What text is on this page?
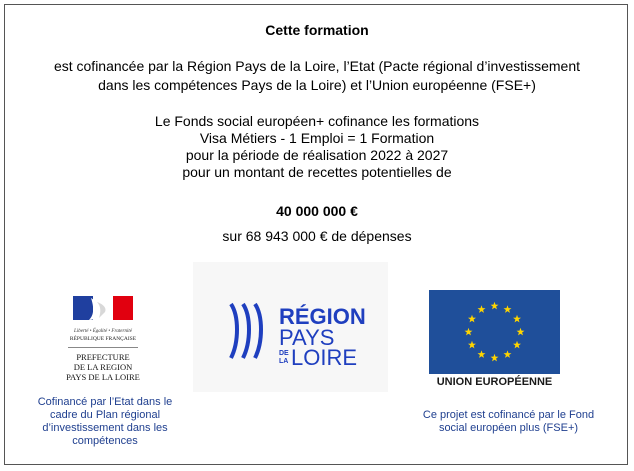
Cette formation
est cofinancée par la Région Pays de la Loire, l’Etat (Pacte régional d’investissement
dans les compétences Pays de la Loire) et l’Union européenne (FSE+)
Le Fonds social européen+ cofinance les formations
Visa Métiers - 1 Emploi = 1 Formation
pour la période de réalisation 2022 à 2027
pour un montant de recettes potentielles de
40 000 000 €
sur 68 943 000 € de dépenses
Liberté • Égalité • Fraternité
RÉPUBLIQUE FRANÇAISE
PREFECTURE
DE LA REGION
PAYS DE LA LOIRE
Cofinancé par l’Etat dans le
cadre du Plan régional
d’investissement dans les
compétences
RÉGION
PAYS
DE
LA LOIRE
UNION EUROPÉENNE
Ce projet est cofinancé par le Fond
social européen plus (FSE+)
